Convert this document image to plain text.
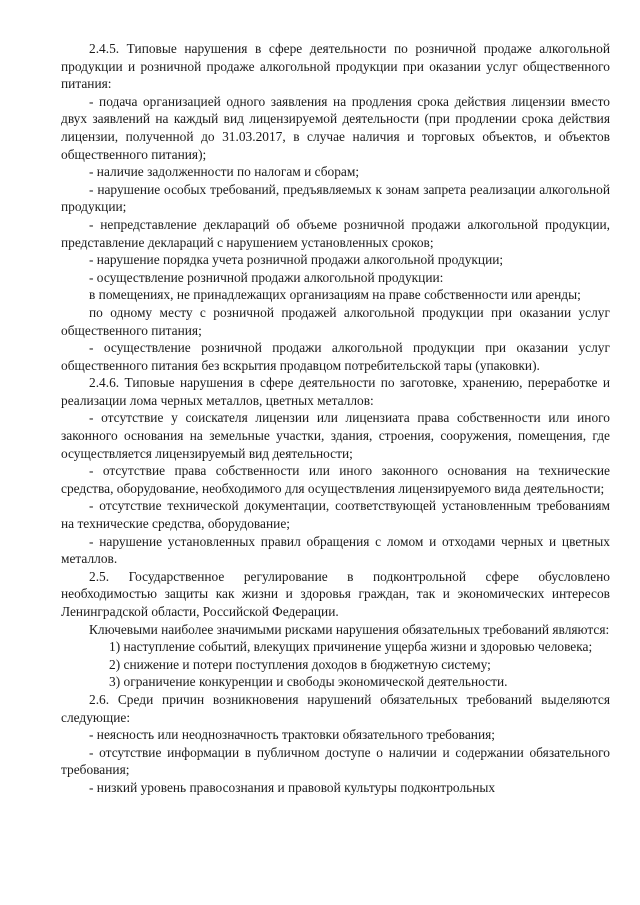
2.4.5. Типовые нарушения в сфере деятельности по розничной продаже алкогольной продукции и розничной продаже алкогольной продукции при оказании услуг общественного питания:

- подача организацией одного заявления на продления срока действия лицензии вместо двух заявлений на каждый вид лицензируемой деятельности (при продлении срока действия лицензии, полученной до 31.03.2017, в случае наличия и торговых объектов, и объектов общественного питания);

- наличие задолженности по налогам и сборам;

- нарушение особых требований, предъявляемых к зонам запрета реализации алкогольной продукции;

- непредставление деклараций об объеме розничной продажи алкогольной продукции, представление деклараций с нарушением установленных сроков;

- нарушение порядка учета розничной продажи алкогольной продукции;

- осуществление розничной продажи алкогольной продукции:

в помещениях, не принадлежащих организациям на праве собственности или аренды;

по одному месту с розничной продажей алкогольной продукции при оказании услуг общественного питания;

- осуществление розничной продажи алкогольной продукции при оказании услуг общественного питания без вскрытия продавцом потребительской тары (упаковки).

2.4.6. Типовые нарушения в сфере деятельности по заготовке, хранению, переработке и реализации лома черных металлов, цветных металлов:

- отсутствие у соискателя лицензии или лицензиата права собственности или иного законного основания на земельные участки, здания, строения, сооружения, помещения, где осуществляется лицензируемый вид деятельности;

- отсутствие права собственности или иного законного основания на технические средства, оборудование, необходимого для осуществления лицензируемого вида деятельности;

- отсутствие технической документации, соответствующей установленным требованиям на технические средства, оборудование;

- нарушение установленных правил обращения с ломом и отходами черных и цветных металлов.

2.5. Государственное регулирование в подконтрольной сфере обусловлено необходимостью защиты как жизни и здоровья граждан, так и экономических интересов Ленинградской области, Российской Федерации.

Ключевыми наиболее значимыми рисками нарушения обязательных требований являются:

1) наступление событий, влекущих причинение ущерба жизни и здоровью человека;

2) снижение и потери поступления доходов в бюджетную систему;

3) ограничение конкуренции и свободы экономической деятельности.

2.6. Среди причин возникновения нарушений обязательных требований выделяются следующие:

- неясность или неоднозначность трактовки обязательного требования;

- отсутствие информации в публичном доступе о наличии и содержании обязательного требования;

- низкий уровень правосознания и правовой культуры подконтрольных
